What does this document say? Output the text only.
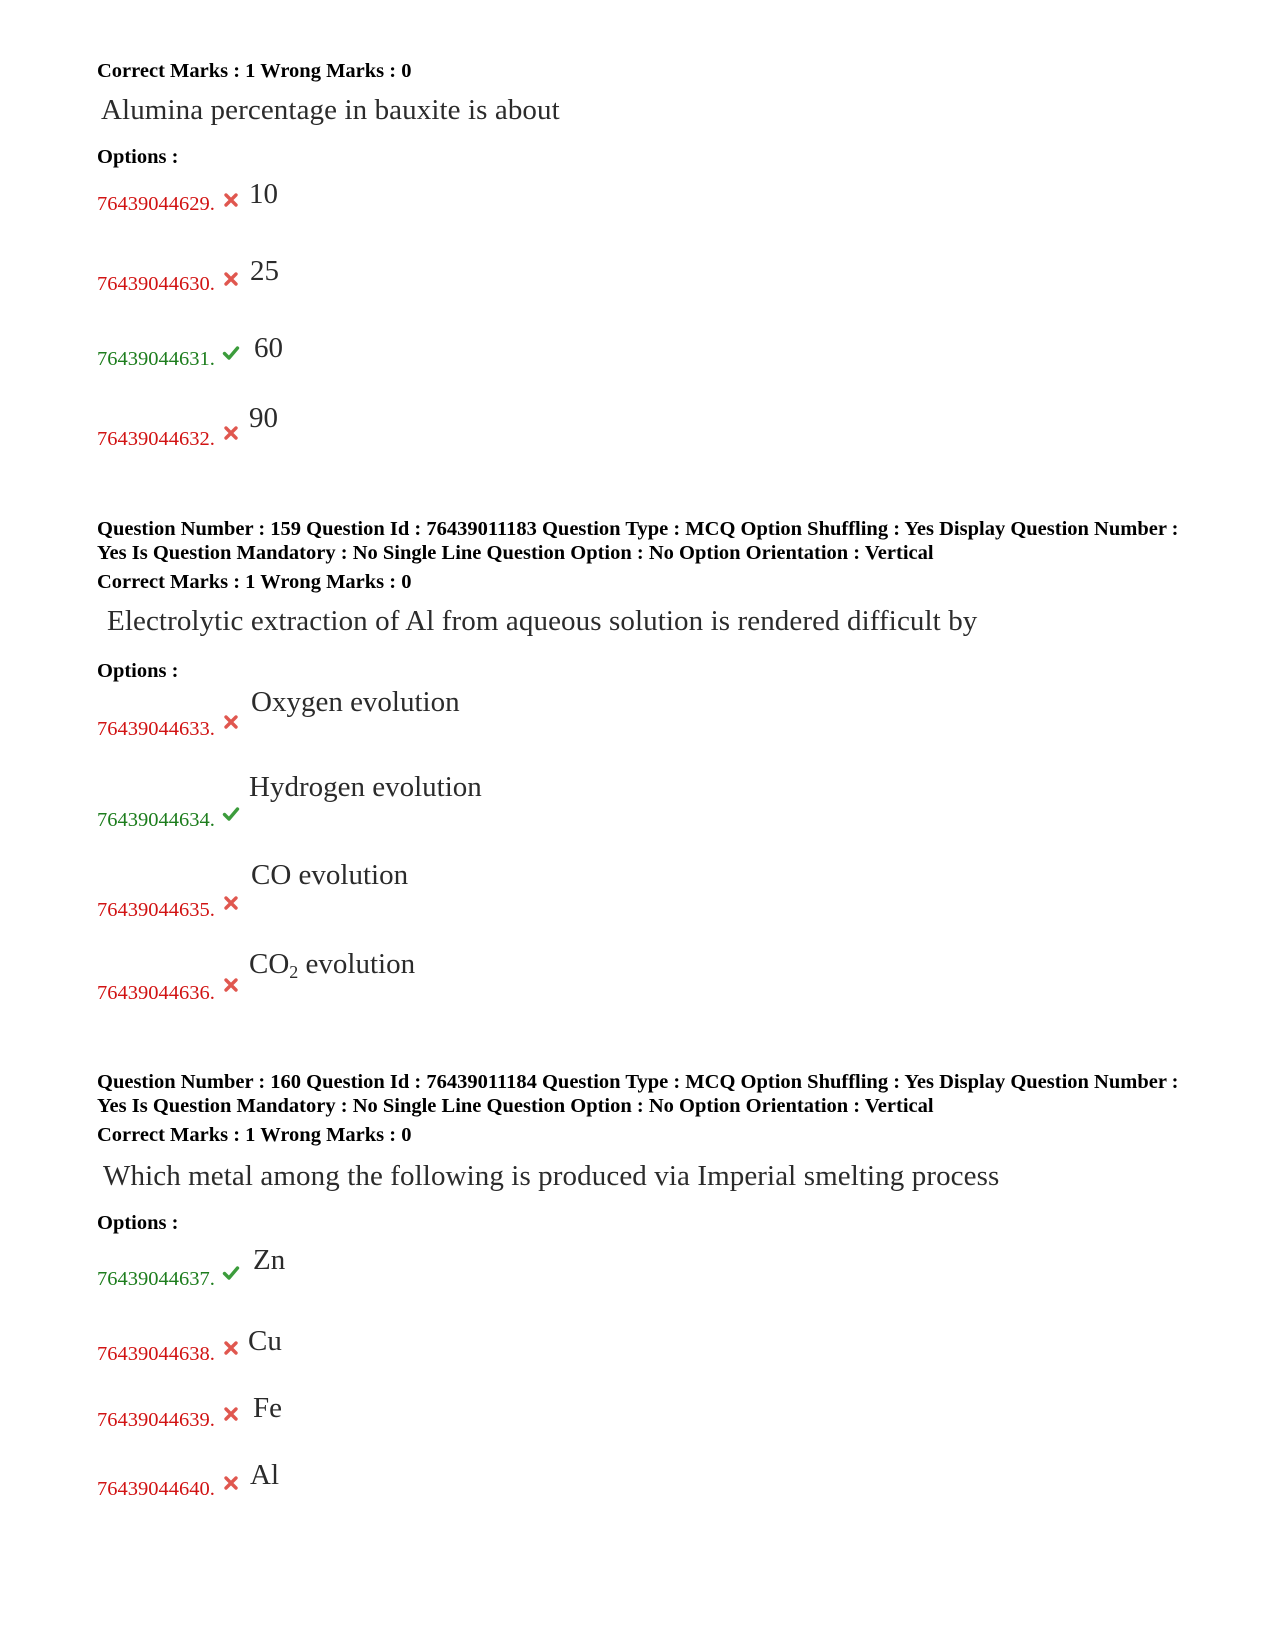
Correct Marks : 1 Wrong Marks : 0
Alumina percentage in bauxite is about
Options :
76439044629. 10
76439044630. 25
76439044631. 60
76439044632.
90
Question Number : 159 Question Id : 76439011183 Question Type : MCQ Option Shuffling : Yes Display Question Number : Yes Is Question Mandatory : No Single Line Question Option : No Option Orientation : Vertical
Correct Marks : 1 Wrong Marks : 0
Electrolytic extraction of Al from aqueous solution is rendered difficult by
Options :
76439044633.
Oxygen evolution
76439044634.
Hydrogen evolution
76439044635.
CO evolution
76439044636.
$CO_2$ evolution
Question Number : 160 Question Id : 76439011184 Question Type : MCQ Option Shuffling : Yes Display Question Number : Yes Is Question Mandatory : No Single Line Question Option : No Option Orientation : Vertical
Correct Marks : 1 Wrong Marks : 0
Which metal among the following is produced via Imperial smelting process
Options :
76439044637.
Zn
76439044638. Cu
76439044639. Fe
76439044640. Al
